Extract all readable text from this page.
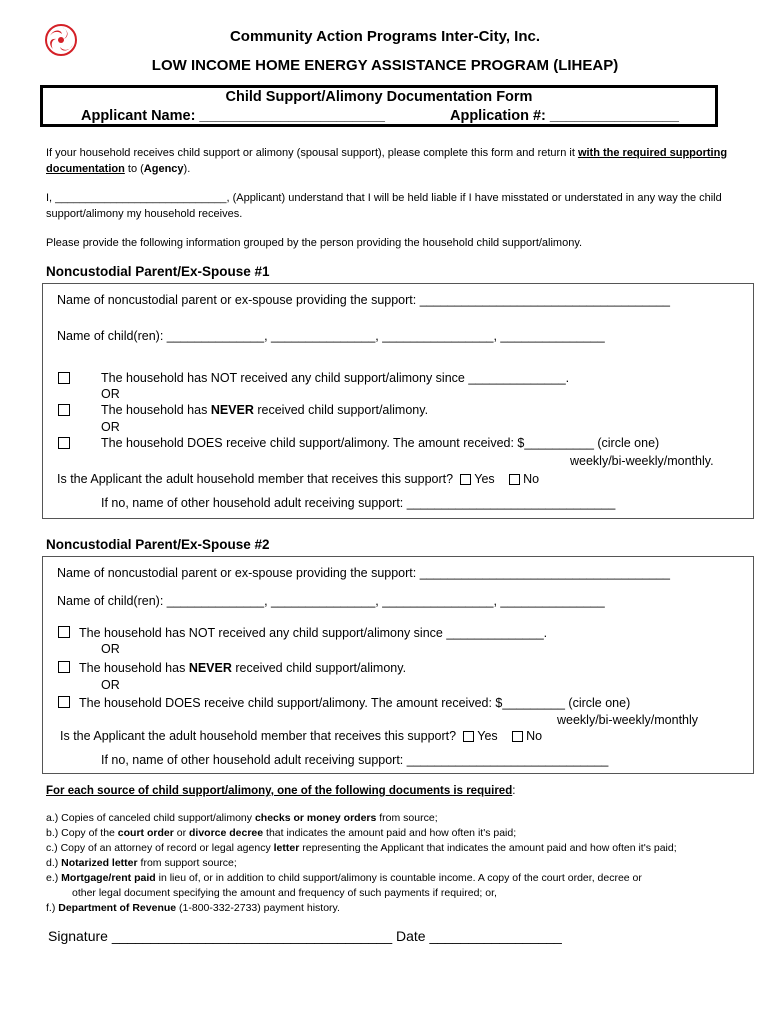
Community Action Programs Inter-City, Inc.
LOW INCOME HOME ENERGY ASSISTANCE PROGRAM (LIHEAP)
Child Support/Alimony Documentation Form
Applicant Name: _______________________	Application #: ________________
If your household receives child support or alimony (spousal support), please complete this form and return it with the required supporting documentation to (Agency).
I, ____________________________, (Applicant) understand that I will be held liable if I have misstated or understated in any way the child support/alimony my household receives.
Please provide the following information grouped by the person providing the household child support/alimony.
Noncustodial Parent/Ex-Spouse #1
Name of noncustodial parent or ex-spouse providing the support: ____________________________________
Name of child(ren): ______________, _______________, ________________, _______________
The household has NOT received any child support/alimony since ______________.
OR
The household has NEVER received child support/alimony.
OR
The household DOES receive child support/alimony. The amount received: $__________ (circle one)
weekly/bi-weekly/monthly.
Is the Applicant the adult household member that receives this support? Yes No
If no, name of other household adult receiving support: ______________________________
Noncustodial Parent/Ex-Spouse #2
Name of noncustodial parent or ex-spouse providing the support: ____________________________________
Name of child(ren): ______________, _______________, ________________, _______________
The household has NOT received any child support/alimony since ______________.
OR
The household has NEVER received child support/alimony.
OR
The household DOES receive child support/alimony. The amount received: $_________ (circle one)
weekly/bi-weekly/monthly
Is the Applicant the adult household member that receives this support? Yes No
If no, name of other household adult receiving support: _____________________________
For each source of child support/alimony, one of the following documents is required:
a.) Copies of canceled child support/alimony checks or money orders from source;
b.) Copy of the court order or divorce decree that indicates the amount paid and how often it's paid;
c.) Copy of an attorney of record or legal agency letter representing the Applicant that indicates the amount paid and how often it's paid;
d.) Notarized letter from support source;
e.) Mortgage/rent paid in lieu of, or in addition to child support/alimony is countable income. A copy of the court order, decree or
other legal document specifying the amount and frequency of such payments if required; or,
f.) Department of Revenue (1-800-332-2733) payment history.
Signature ____________________________________ Date _________________
